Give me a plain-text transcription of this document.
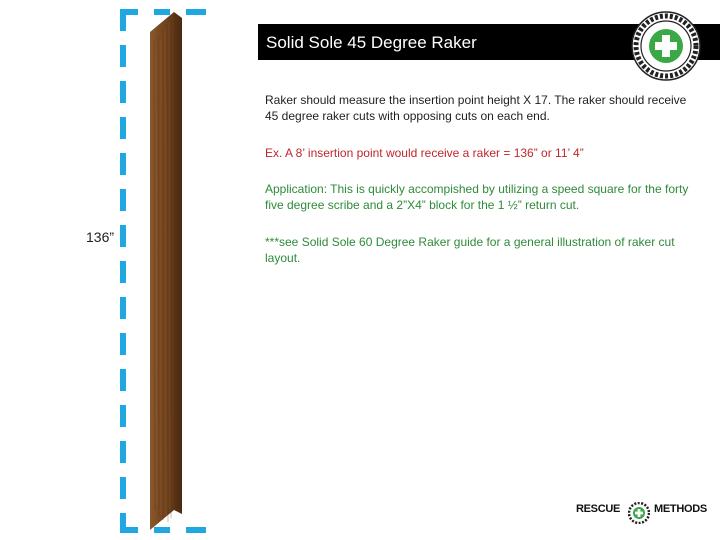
136”
Solid Sole 45 Degree Raker

Raker should measure the insertion point height X 17. The raker should receive 45 degree raker cuts with opposing cuts on each end.

Ex. A 8’ insertion point would receive a raker = 136” or 11’ 4”

Application: This is quickly accompished by utilizing a speed square for the forty five degree scribe and a 2”X4” block for the 1 ½” return cut.

***see Solid Sole 60 Degree Raker guide for a general illustration of raker cut layout.

RESCUE	METHODS
